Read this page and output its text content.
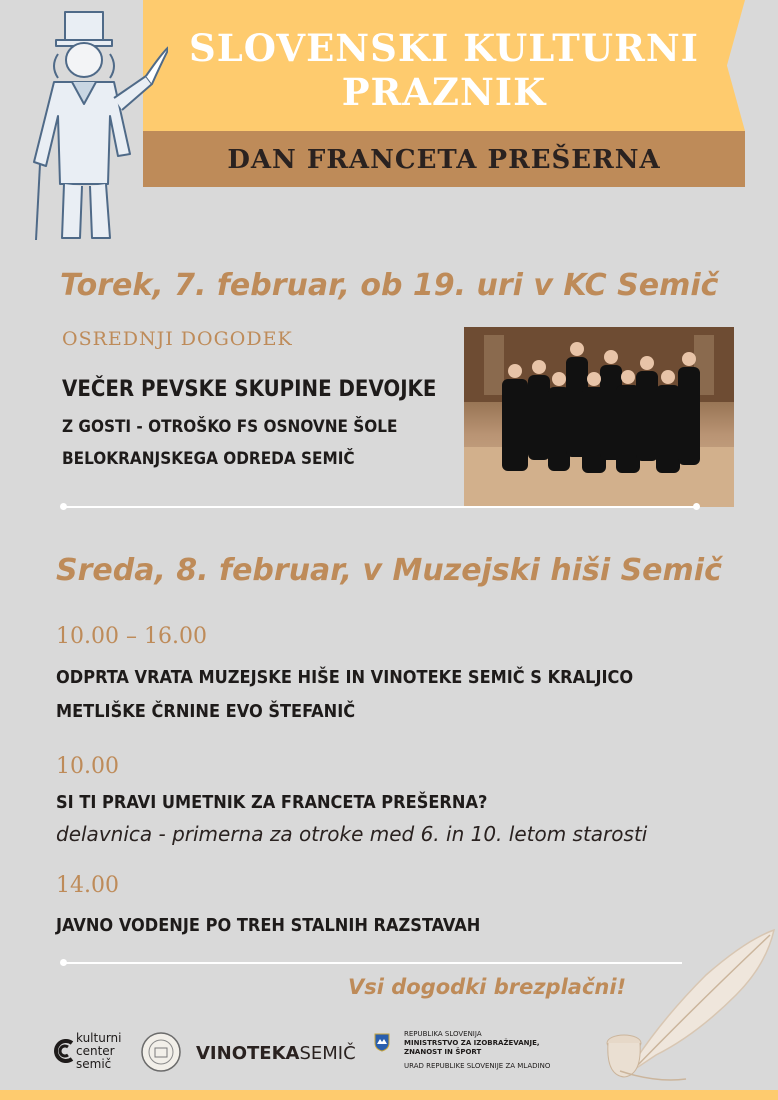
SLOVENSKI KULTURNI
PRAZNIK
DAN FRANCETA PREŠERNA
Torek, 7. februar, ob 19. uri v KC Semič
OSREDNJI DOGODEK
VEČER PEVSKE SKUPINE DEVOJKE
Z GOSTI - OTROŠKO FS OSNOVNE ŠOLE
BELOKRANJSKEGA ODREDA SEMIČ
Sreda, 8. februar, v Muzejski hiši Semič
10.00 – 16.00
ODPRTA VRATA MUZEJSKE HIŠE IN VINOTEKE SEMIČ S KRALJICO
METLIŠKE ČRNINE EVO ŠTEFANIČ
10.00
SI TI PRAVI UMETNIK ZA FRANCETA PREŠERNA?
delavnica - primerna za otroke med 6. in 10. letom starosti
14.00
JAVNO VODENJE PO TREH STALNIH RAZSTAVAH
Vsi dogodki brezplačni!
kulturni
center
semič	VINOTEKASEMIČ
REPUBLIKA SLOVENIJA
MINISTRSTVO ZA IZOBRAŽEVANJE,
ZNANOST IN ŠPORT
URAD REPUBLIKE SLOVENIJE ZA MLADINO
